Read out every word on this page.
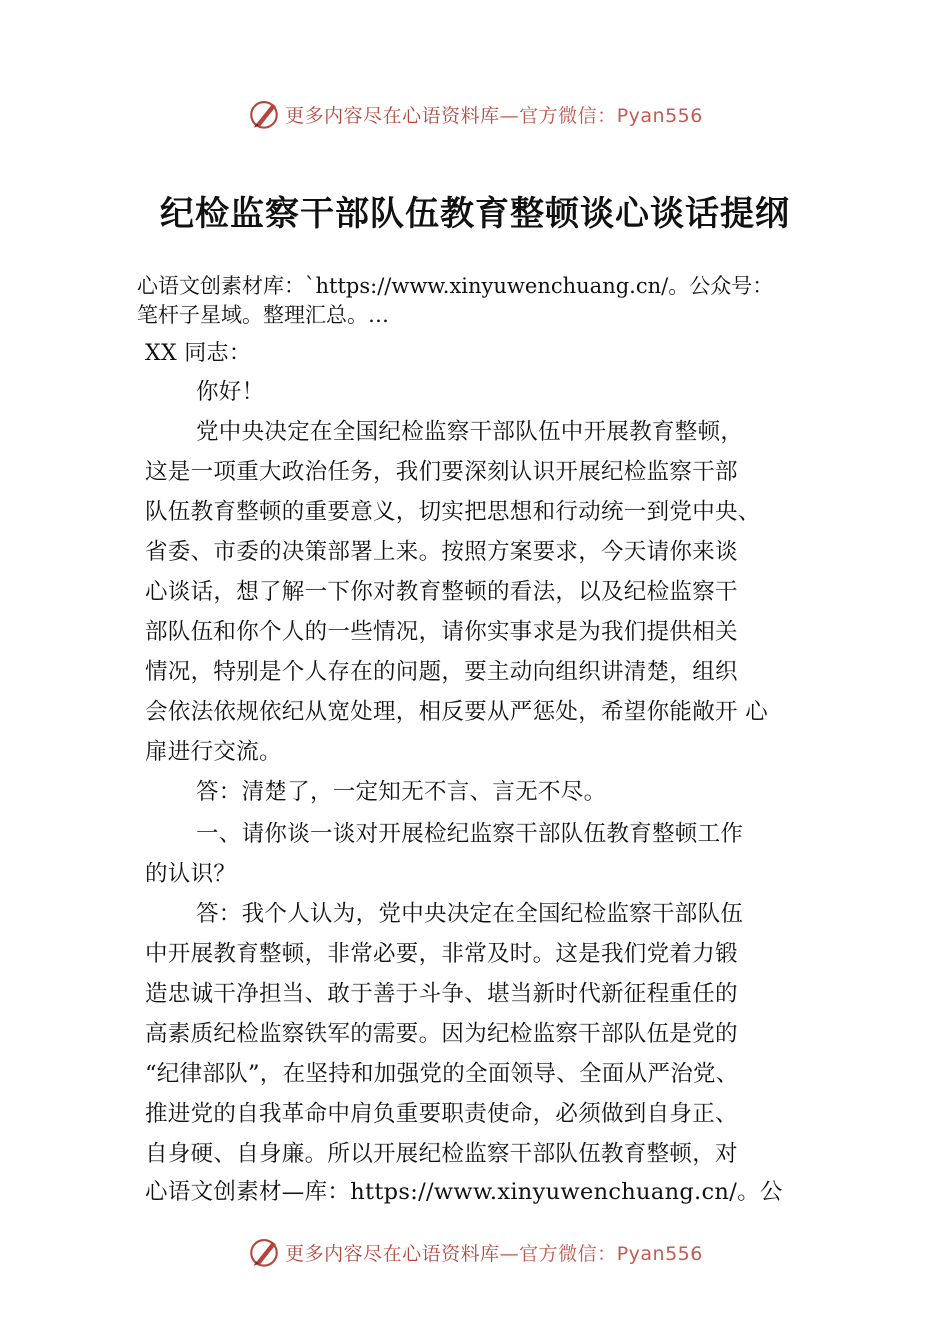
更多内容尽在心语资料库—官方微信：Pyan556
纪检监察干部队伍教育整顿谈心谈话提纲
心语文创素材库：`https://www.xinyuwenchuang.cn/。公众号：
笔杆子星域。整理汇总。…
XX 同志：
你好！
党中央决定在全国纪检监察干部队伍中开展教育整顿，
这是一项重大政治任务，我们要深刻认识开展纪检监察干部
队伍教育整顿的重要意义，切实把思想和行动统一到党中央、
省委、市委的决策部署上来。按照方案要求，今天请你来谈
心谈话，想了解一下你对教育整顿的看法，以及纪检监察干
部队伍和你个人的一些情况，请你实事求是为我们提供相关
情况，特别是个人存在的问题，要主动向组织讲清楚，组织
会依法依规依纪从宽处理，相反要从严惩处，希望你能敞开 心
扉进行交流。
答：清楚了，一定知无不言、言无不尽。
一、请你谈一谈对开展检纪监察干部队伍教育整顿工作
的认识？
答：我个人认为，党中央决定在全国纪检监察干部队伍
中开展教育整顿，非常必要，非常及时。这是我们党着力锻
造忠诚干净担当、敢于善于斗争、堪当新时代新征程重任的
高素质纪检监察铁军的需要。因为纪检监察干部队伍是党的
“纪律部队”，在坚持和加强党的全面领导、全面从严治党、
推进党的自我革命中肩负重要职责使命，必须做到自身正、
自身硬、自身廉。所以开展纪检监察干部队伍教育整顿，对
心语文创素材—库：https://www.xinyuwenchuang.cn/。公
更多内容尽在心语资料库—官方微信：Pyan556
